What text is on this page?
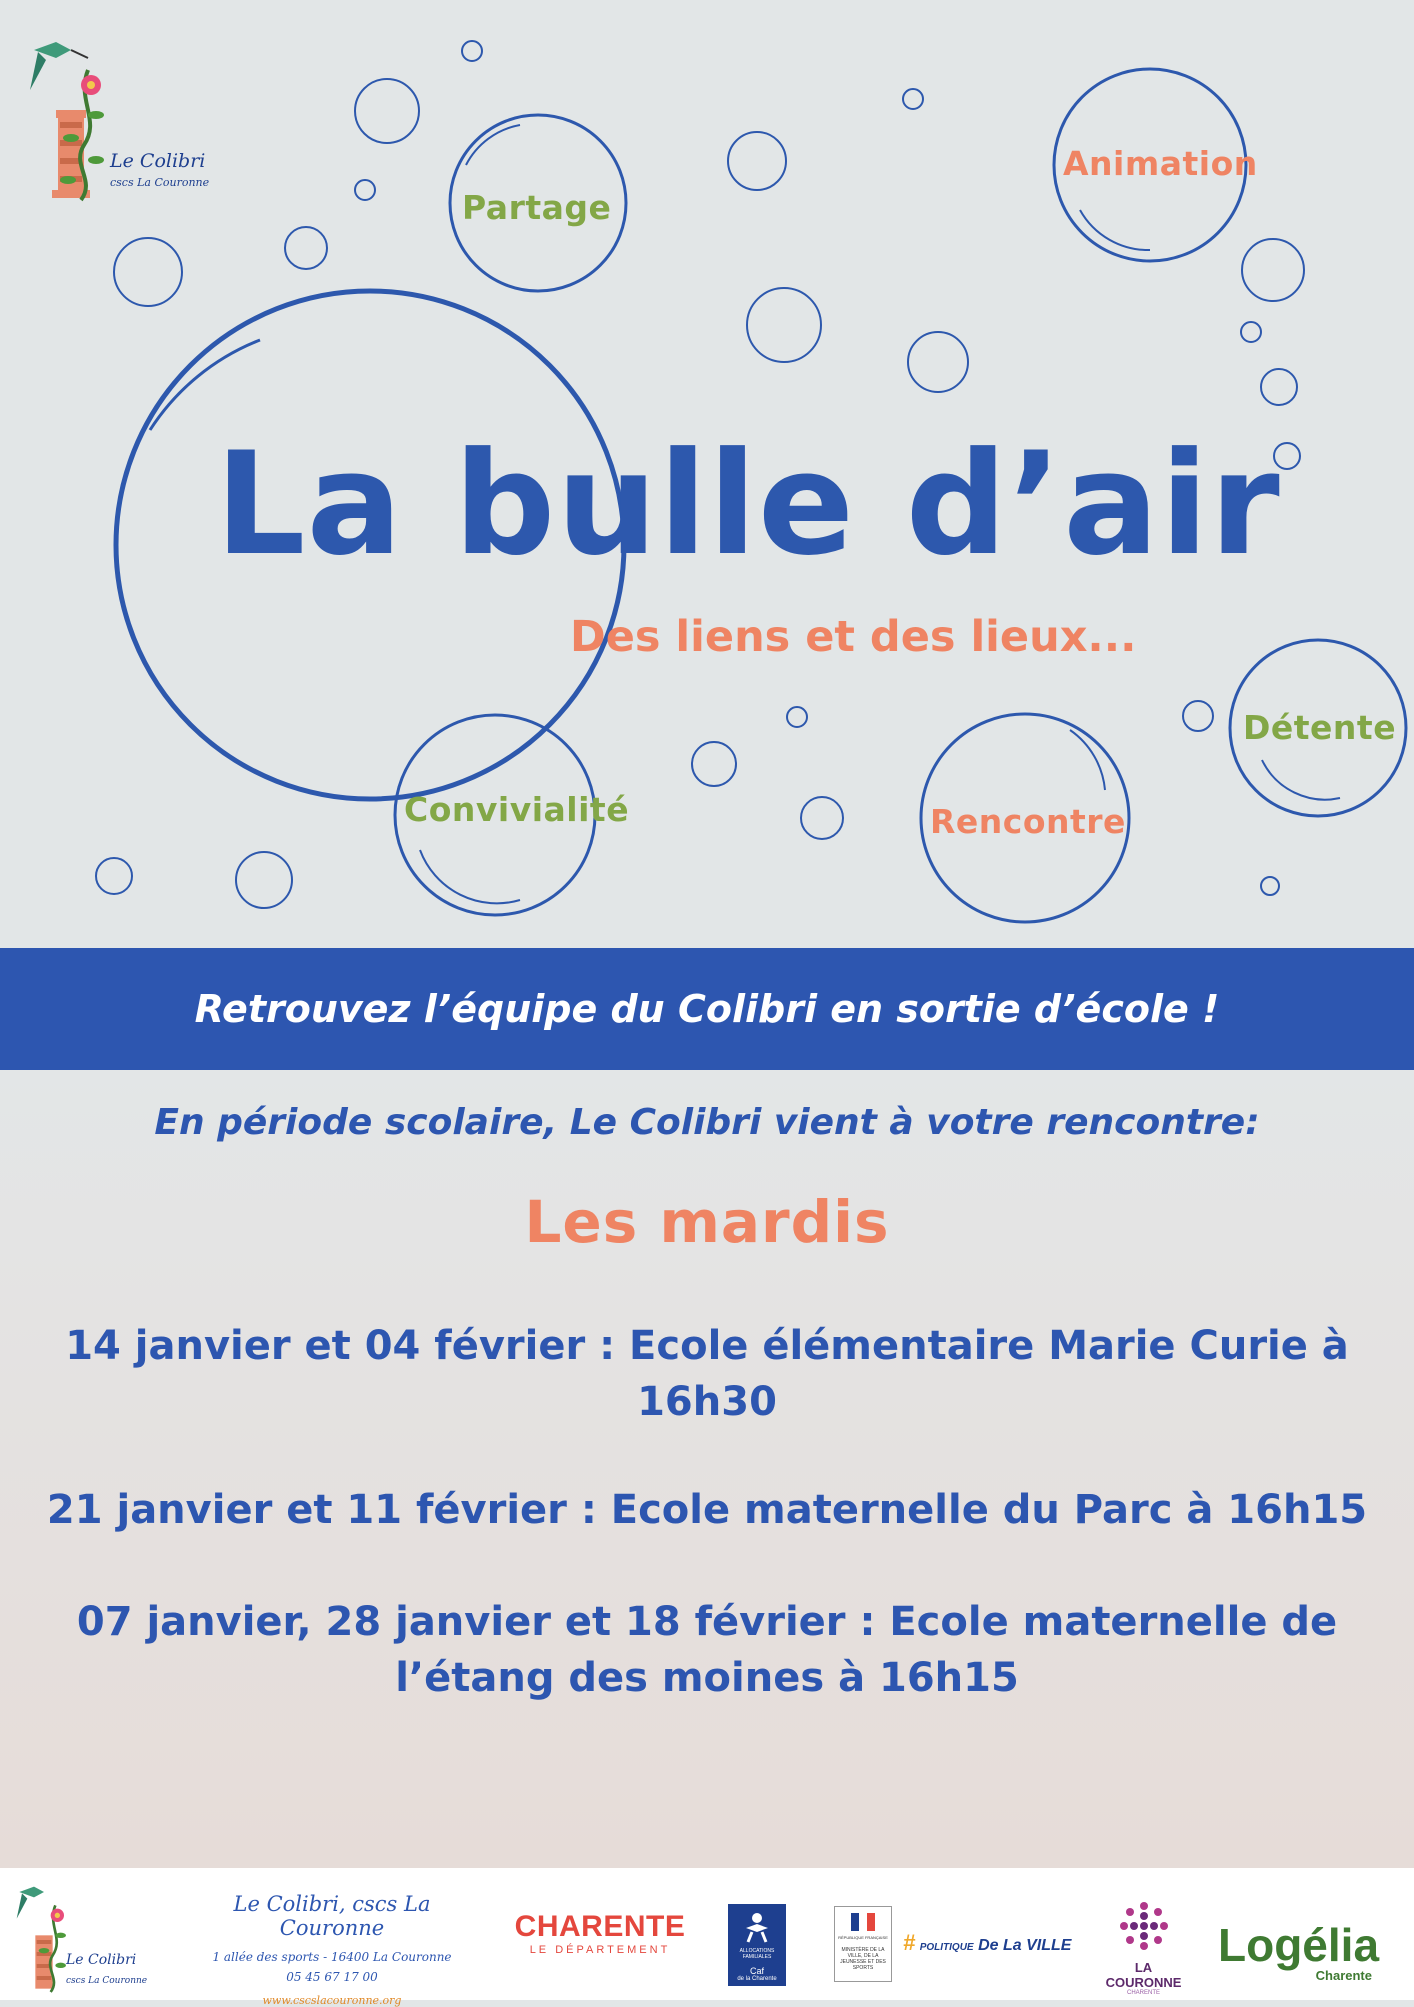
Le Colibri
cscs La Couronne
Partage
Animation
Détente
Convivialité	Rencontre
La bulle d’air
Des liens et des lieux...
Retrouvez l’équipe du Colibri en sortie d’école !
En période scolaire, Le Colibri vient à votre rencontre:
Les mardis
14 janvier et 04 février : Ecole élémentaire Marie Curie à
16h30
21 janvier et 11 février : Ecole maternelle du Parc à 16h15
07 janvier, 28 janvier et 18 février : Ecole maternelle de
l’étang des moines à 16h15
Le Colibri
cscs La Couronne
Le Colibri, cscs La Couronne
1 allée des sports - 16400 La Couronne
05 45 67 17 00
www.cscslacouronne.org
CHARENTE
LE DÉPARTEMENT	ALLOCATIONS FAMILIALES
Caf
de la Charente
RÉPUBLIQUE FRANÇAISE
MINISTÈRE DE LA VILLE, DE LA JEUNESSE ET DES SPORTS
# POLITIQUE De La VILLE
LA COURONNE
CHARENTE
Logélia
Charente
